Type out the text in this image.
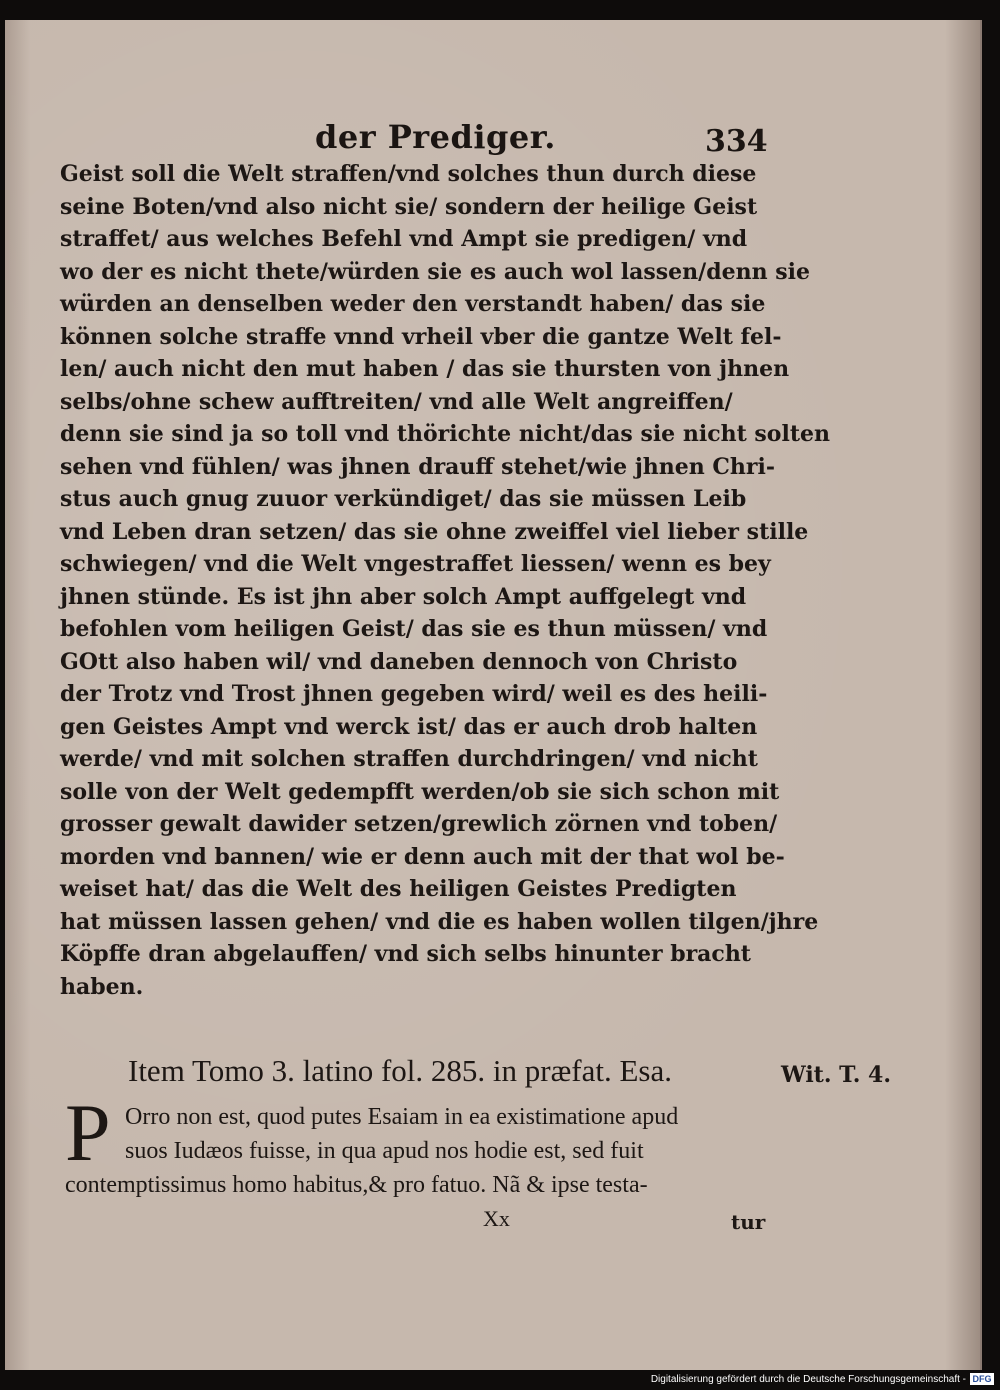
der Prediger.	334
Geist soll die Welt straffen/vnd solches thun durch diese
seine Boten/vnd also nicht sie/ sondern der heilige Geist
straffet/ aus welches Befehl vnd Ampt sie predigen/ vnd
wo der es nicht thete/würden sie es auch wol lassen/denn sie
würden an denselben weder den verstandt haben/ das sie
können solche straffe vnnd vrheil vber die gantze Welt fel-
len/ auch nicht den mut haben / das sie thursten von jhnen
selbs/ohne schew aufftreiten/ vnd alle Welt angreiffen/
denn sie sind ja so toll vnd thörichte nicht/das sie nicht solten
sehen vnd fühlen/ was jhnen drauff stehet/wie jhnen Chri-
stus auch gnug zuuor verkündiget/ das sie müssen Leib
vnd Leben dran setzen/ das sie ohne zweiffel viel lieber stille
schwiegen/ vnd die Welt vngestraffet liessen/ wenn es bey
jhnen stünde. Es ist jhn aber solch Ampt auffgelegt vnd
befohlen vom heiligen Geist/ das sie es thun müssen/ vnd
GOtt also haben wil/ vnd daneben dennoch von Christo
der Trotz vnd Trost jhnen gegeben wird/ weil es des heili-
gen Geistes Ampt vnd werck ist/ das er auch drob halten
werde/ vnd mit solchen straffen durchdringen/ vnd nicht
solle von der Welt gedempfft werden/ob sie sich schon mit
grosser gewalt dawider setzen/grewlich zörnen vnd toben/
morden vnd bannen/ wie er denn auch mit der that wol be-
weiset hat/ das die Welt des heiligen Geistes Predigten
hat müssen lassen gehen/ vnd die es haben wollen tilgen/jhre
Köpffe dran abgelauffen/ vnd sich selbs hinunter bracht
haben.
Item Tomo 3. latino fol. 285. in præfat. Esa.	Wit. T. 4.
P Orro non est, quod putes Esaiam in ea existimatione apud
suos Iudæos fuisse, in qua apud nos hodie est, sed fuit
contemptissimus homo habitus,& pro fatuo. Nã & ipse testa-
Xx	tur
Digitalisierung gefördert durch die Deutsche Forschungsgemeinschaft - DFG
